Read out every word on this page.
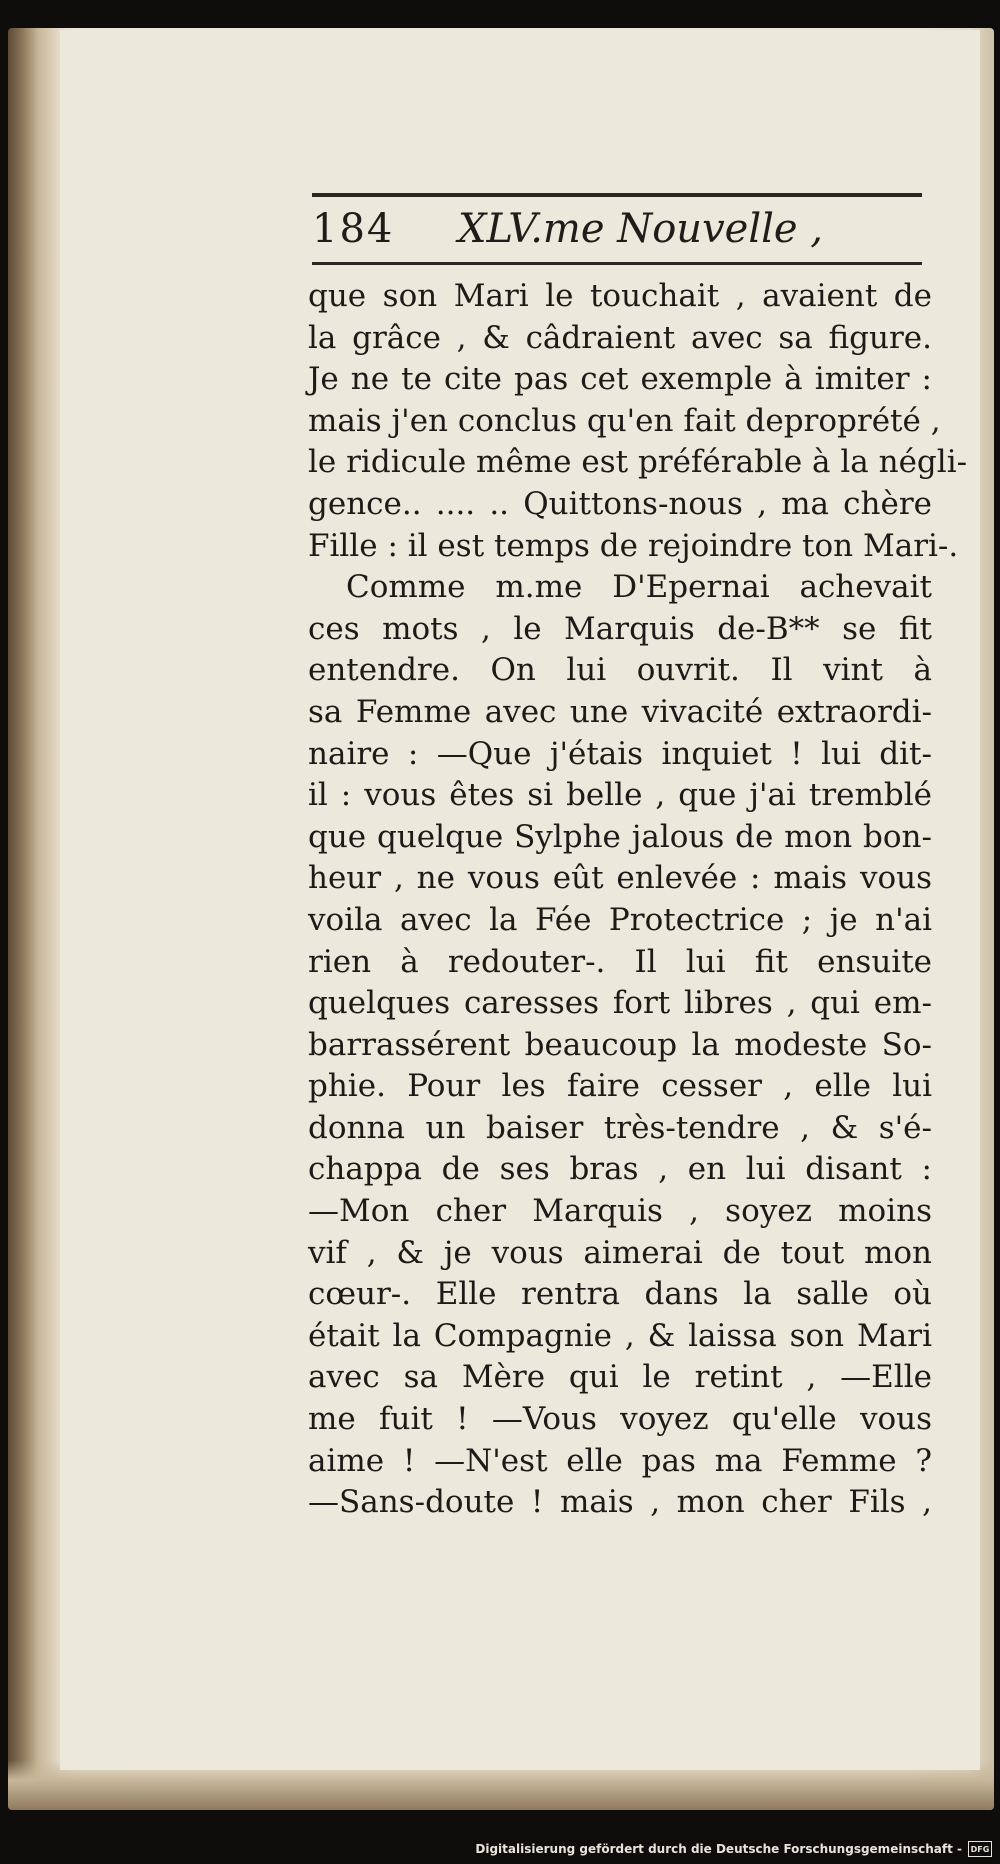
184 XLV.me Nouvelle ,
que son Mari le touchait , avaient de
la grâce , & câdraient avec sa figure.
Je ne te cite pas cet exemple à imiter :
mais j'en conclus qu'en fait deproprété ,
le ridicule même est préférable à la négli-
gence.. .... .. Quittons-nous , ma chère
Fille : il est temps de rejoindre ton Mari-.
Comme m.me D'Epernai achevait
ces mots , le Marquis de-B** se fit
entendre. On lui ouvrit. Il vint à
sa Femme avec une vivacité extraordi-
naire : —Que j'étais inquiet ! lui dit-
il : vous êtes si belle , que j'ai tremblé
que quelque Sylphe jalous de mon bon-
heur , ne vous eût enlevée : mais vous
voila avec la Fée Protectrice ; je n'ai
rien à redouter-. Il lui fit ensuite
quelques caresses fort libres , qui em-
barrassérent beaucoup la modeste So-
phie. Pour les faire cesser , elle lui
donna un baiser très-tendre , & s'é-
chappa de ses bras , en lui disant :
—Mon cher Marquis , soyez moins
vif , & je vous aimerai de tout mon
cœur-. Elle rentra dans la salle où
était la Compagnie , & laissa son Mari
avec sa Mère qui le retint , —Elle
me fuit ! —Vous voyez qu'elle vous
aime ! —N'est elle pas ma Femme ?
—Sans-doute ! mais , mon cher Fils ,
Digitalisierung gefördert durch die Deutsche Forschungsgemeinschaft -	DFG
